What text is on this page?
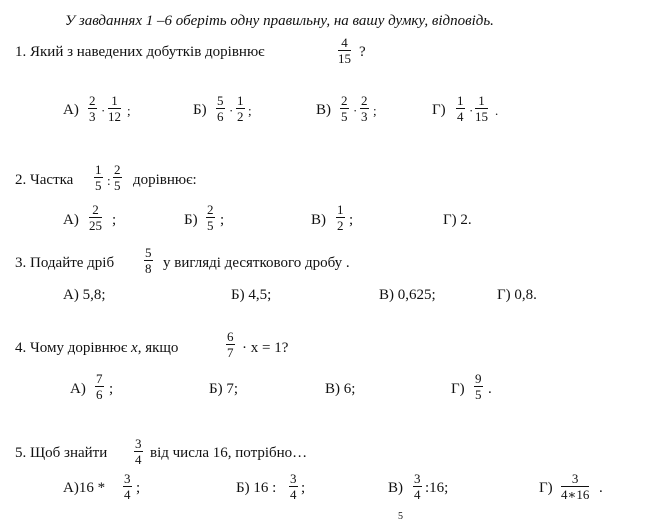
У завданнях 1 –6 оберіть одну правильну, на вашу думку, відповідь.
1. Який з наведених добутків дорівнює	$\frac{4}{15}$ ?
$А) \frac{2}{3} \cdot \frac{1}{12}$ ;	$Б) \frac{5}{6} \cdot \frac{1}{2}$ ;	$В) \frac{2}{5} \cdot \frac{2}{3}$ ;	$Г) \frac{1}{4} \cdot \frac{1}{15}$ .
2. Частка $\frac{1}{5}$ : $\frac{2}{5}$ дорівнює:
$А) \frac{2}{25}$ ;	$Б) \frac{2}{5}$ ;	$В) \frac{1}{2}$ ;	Г) 2.
3. Подайте дріб $\frac{5}{8}$ у вигляді десяткового дробу .
А) 5,8;	Б) 4,5;	В) 0,625;	Г) 0,8.
4. Чому дорівнює x, якщо	$\frac{6}{7} \cdot x = 1$?
$А) \frac{7}{6}$ ;	Б) 7;	В) 6;	$Г) \frac{9}{5}$ .
5. Щоб знайти $\frac{3}{4}$ від числа 16, потрібно…
$А)16 * \frac{3}{4}$ ;	Б) 16 : $\frac{3}{4}$ ;	$В) \frac{3}{4}$ :16;	$Г) \frac{3}{4∗16}$ .
5
